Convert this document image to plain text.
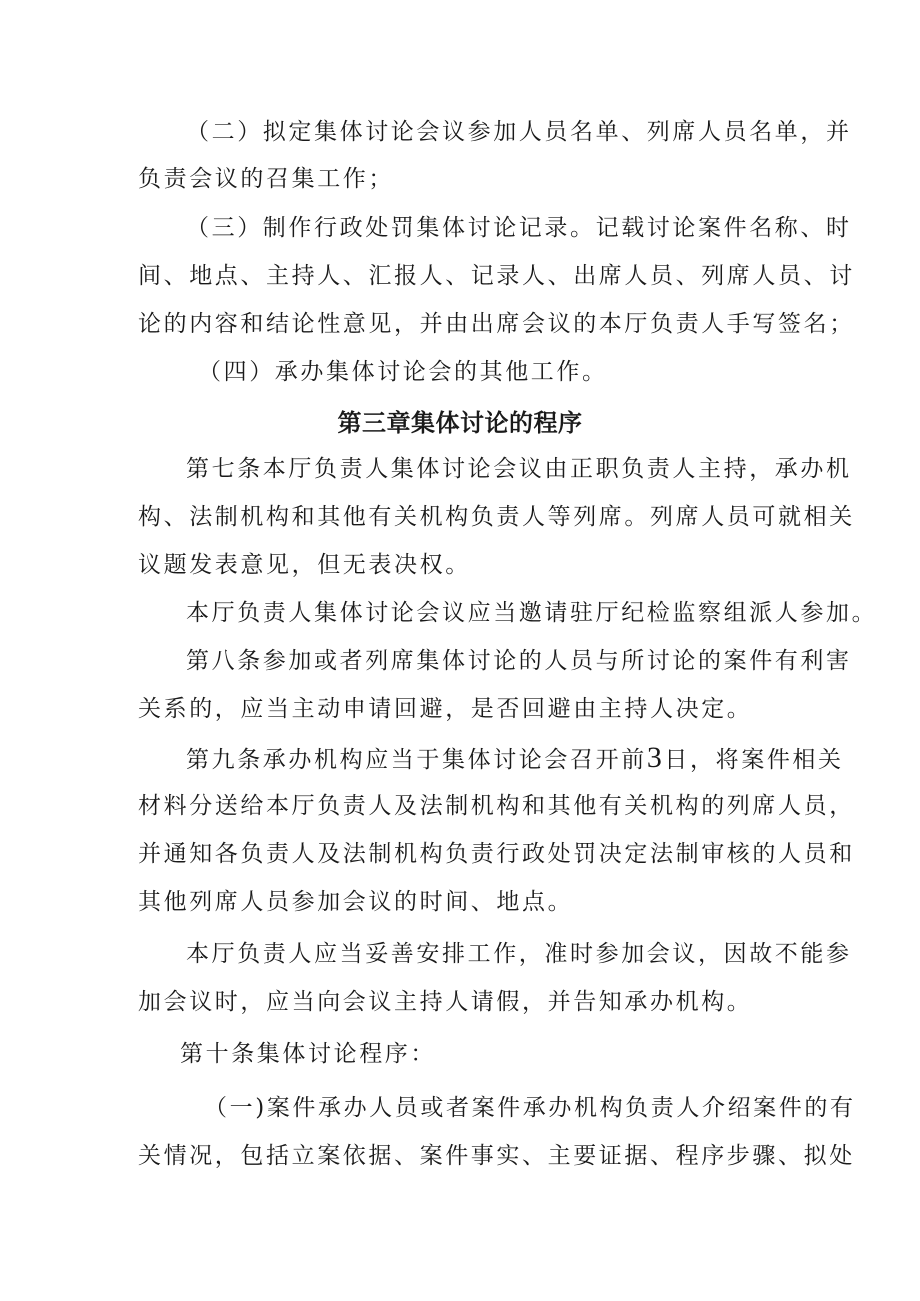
（二）拟定集体讨论会议参加人员名单、列席人员名单，并
负责会议的召集工作；
（三）制作行政处罚集体讨论记录。记载讨论案件名称、时
间、地点、主持人、汇报人、记录人、出席人员、列席人员、讨
论的内容和结论性意见，并由出席会议的本厅负责人手写签名；
（四）承办集体讨论会的其他工作。
第三章集体讨论的程序
第七条本厅负责人集体讨论会议由正职负责人主持，承办机
构、法制机构和其他有关机构负责人等列席。列席人员可就相关
议题发表意见，但无表决权。
本厅负责人集体讨论会议应当邀请驻厅纪检监察组派人参加。
第八条参加或者列席集体讨论的人员与所讨论的案件有利害
关系的，应当主动申请回避，是否回避由主持人决定。
第九条承办机构应当于集体讨论会召开前3日，将案件相关
材料分送给本厅负责人及法制机构和其他有关机构的列席人员，
并通知各负责人及法制机构负责行政处罚决定法制审核的人员和
其他列席人员参加会议的时间、地点。
本厅负责人应当妥善安排工作，准时参加会议，因故不能参
加会议时，应当向会议主持人请假，并告知承办机构。
第十条集体讨论程序：
（一)案件承办人员或者案件承办机构负责人介绍案件的有
关情况，包括立案依据、案件事实、主要证据、程序步骤、拟处
